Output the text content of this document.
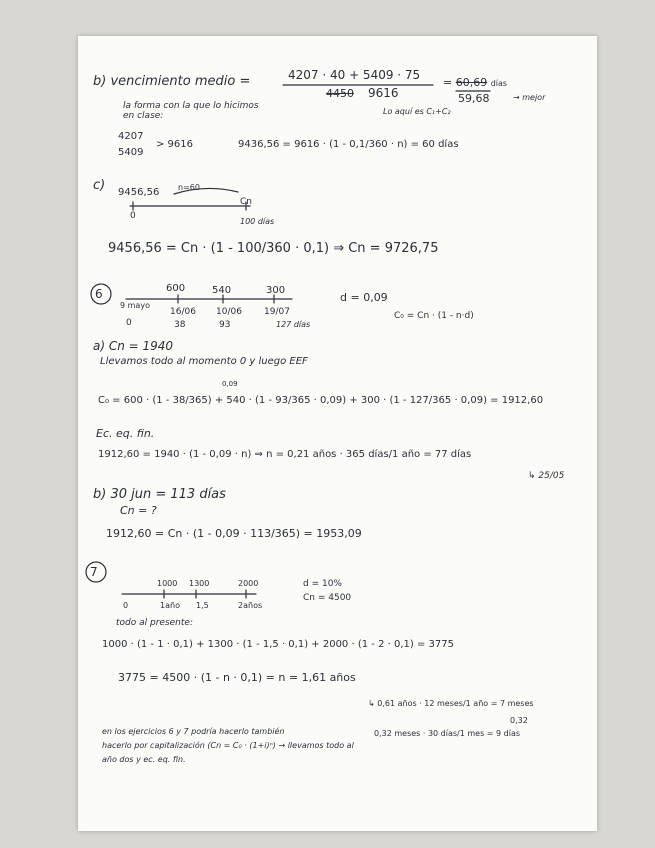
b) vencimiento medio =	4207 · 40 + 5409 · 75
4450 9616
= 60,69 días
59,68	→ mejor
la forma con la que lo hicimos
en clase:	Lo aquí es C₁+C₂
4207
5409
> 9616	9436,56 = 9616 · (1 - 0,1/360 · n) = 60 días
c) 9456,56 n=60
0
Cn
100 días
9456,56 = Cn · (1 - 100/360 · 0,1) ⇒ Cn = 9726,75
6	600	540	300
9 mayo
16/06 10/06 19/07
0	38	93	127 días
d = 0,09
C₀ = Cn · (1 - n·d)
a) Cn = 1940
Llevamos todo al momento 0 y luego EEF
0,09
C₀ = 600 · (1 - 38/365) + 540 · (1 - 93/365 · 0,09) + 300 · (1 - 127/365 · 0,09) = 1912,60
Ec. eq. fin.
1912,60 = 1940 · (1 - 0,09 · n) ⇒ n = 0,21 años · 365 días/1 año = 77 días
↳ 25/05
b) 30 jun = 113 días
Cn = ?
1912,60 = Cn · (1 - 0,09 · 113/365) = 1953,09
7
1000 1300	2000
0	1año 1,5	2años
d = 10%
Cn = 4500
todo al presente:
1000 · (1 - 1 · 0,1) + 1300 · (1 - 1,5 · 0,1) + 2000 · (1 - 2 · 0,1) = 3775
3775 = 4500 · (1 - n · 0,1) = n = 1,61 años
↳ 0,61 años · 12 meses/1 año = 7 meses
0,32
0,32 meses · 30 días/1 mes = 9 días
en los ejercicios 6 y 7 podría hacerlo también
hacerlo por capitalización (Cn = C₀ · (1+i)ⁿ) → llevamos todo al
año dos y ec. eq. fin.
